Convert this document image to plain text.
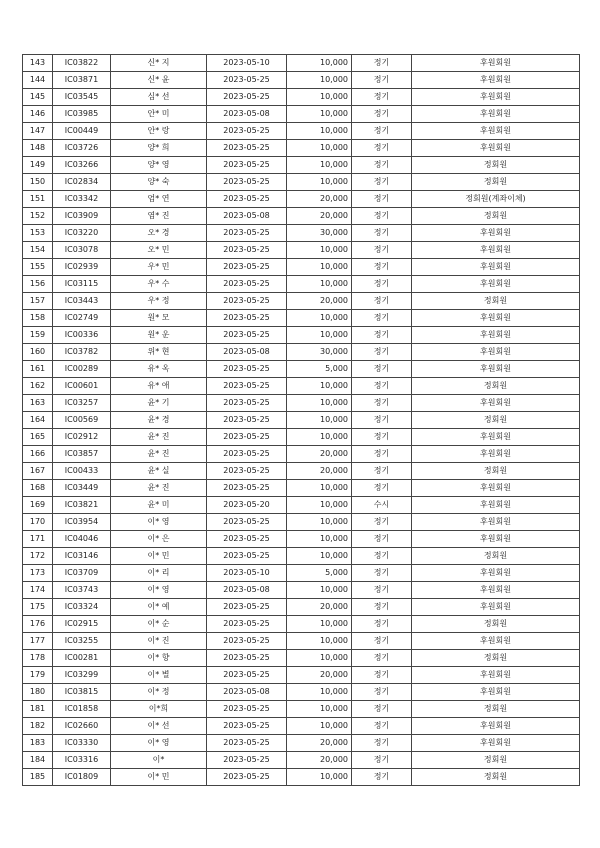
143	IC03822	신* 지	2023-05-10	10,000	정기	후원회원
144	IC03871	신* 윤	2023-05-25	10,000	정기	후원회원
145	IC03545	심* 선	2023-05-25	10,000	정기	후원회원
146	IC03985	안* 미	2023-05-08	10,000	정기	후원회원
147	IC00449	안* 랑	2023-05-25	10,000	정기	후원회원
148	IC03726	양* 희	2023-05-25	10,000	정기	후원회원
149	IC03266	양* 영	2023-05-25	10,000	정기	정회원
150	IC02834	양* 숙	2023-05-25	10,000	정기	정회원
151	IC03342	엄* 연	2023-05-25	20,000	정기	정회원(계좌이체)
152	IC03909	염* 진	2023-05-08	20,000	정기	정회원
153	IC03220	오* 경	2023-05-25	30,000	정기	후원회원
154	IC03078	오* 민	2023-05-25	10,000	정기	후원회원
155	IC02939	우* 민	2023-05-25	10,000	정기	후원회원
156	IC03115	우* 수	2023-05-25	10,000	정기	후원회원
157	IC03443	우* 정	2023-05-25	20,000	정기	정회원
158	IC02749	원* 모	2023-05-25	10,000	정기	후원회원
159	IC00336	원* 운	2023-05-25	10,000	정기	후원회원
160	IC03782	위* 현	2023-05-08	30,000	정기	후원회원
161	IC00289	유* 옥	2023-05-25	5,000	정기	후원회원
162	IC00601	유* 애	2023-05-25	10,000	정기	정회원
163	IC03257	윤* 기	2023-05-25	10,000	정기	후원회원
164	IC00569	윤* 경	2023-05-25	10,000	정기	정회원
165	IC02912	윤* 진	2023-05-25	10,000	정기	후원회원
166	IC03857	윤* 진	2023-05-25	20,000	정기	후원회원
167	IC00433	윤* 실	2023-05-25	20,000	정기	정회원
168	IC03449	윤* 진	2023-05-25	10,000	정기	후원회원
169	IC03821	윤* 미	2023-05-20	10,000	수시	후원회원
170	IC03954	이* 영	2023-05-25	10,000	정기	후원회원
171	IC04046	이* 은	2023-05-25	10,000	정기	후원회원
172	IC03146	이* 민	2023-05-25	10,000	정기	정회원
173	IC03709	이* 리	2023-05-10	5,000	정기	후원회원
174	IC03743	이* 영	2023-05-08	10,000	정기	후원회원
175	IC03324	이* 예	2023-05-25	20,000	정기	후원회원
176	IC02915	이* 순	2023-05-25	10,000	정기	정회원
177	IC03255	이* 진	2023-05-25	10,000	정기	후원회원
178	IC00281	이* 향	2023-05-25	10,000	정기	정회원
179	IC03299	이* 별	2023-05-25	20,000	정기	후원회원
180	IC03815	이* 정	2023-05-08	10,000	정기	후원회원
181	IC01858	이*희	2023-05-25	10,000	정기	정회원
182	IC02660	이* 선	2023-05-25	10,000	정기	후원회원
183	IC03330	이* 영	2023-05-25	20,000	정기	후원회원
184	IC03316	이*	2023-05-25	20,000	정기	정회원
185	IC01809	이* 민	2023-05-25	10,000	정기	정회원
